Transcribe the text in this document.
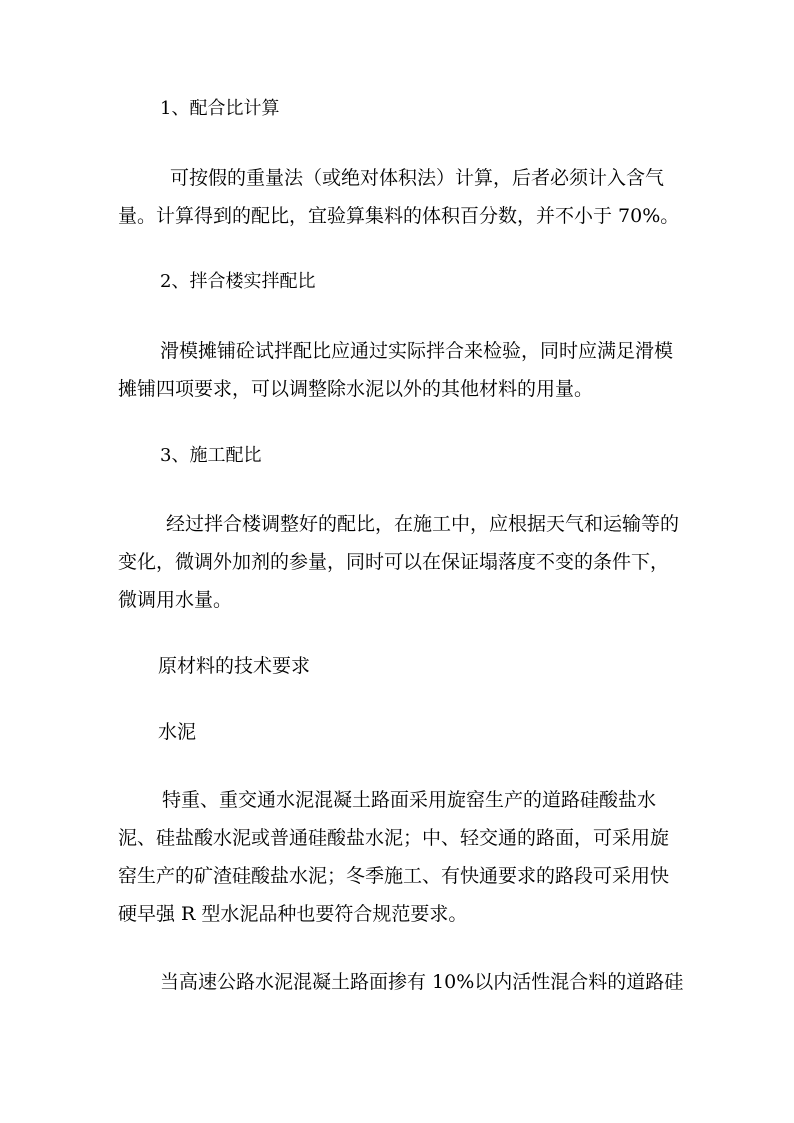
1、配合比计算

可按假的重量法（或绝对体积法）计算，后者必须计入含气

量。计算得到的配比，宜验算集料的体积百分数，并不小于 70%。

2、拌合楼实拌配比

滑模摊铺砼试拌配比应通过实际拌合来检验，同时应满足滑模

摊铺四项要求，可以调整除水泥以外的其他材料的用量。

3、施工配比

经过拌合楼调整好的配比，在施工中，应根据天气和运输等的

变化，微调外加剂的参量，同时可以在保证塌落度不变的条件下，

微调用水量。

原材料的技术要求

水泥

特重、重交通水泥混凝土路面采用旋窑生产的道路硅酸盐水

泥、硅盐酸水泥或普通硅酸盐水泥；中、轻交通的路面，可采用旋

窑生产的矿渣硅酸盐水泥；冬季施工、有快通要求的路段可采用快

硬早强 R 型水泥品种也要符合规范要求。

当高速公路水泥混凝土路面掺有 10%以内活性混合料的道路硅
